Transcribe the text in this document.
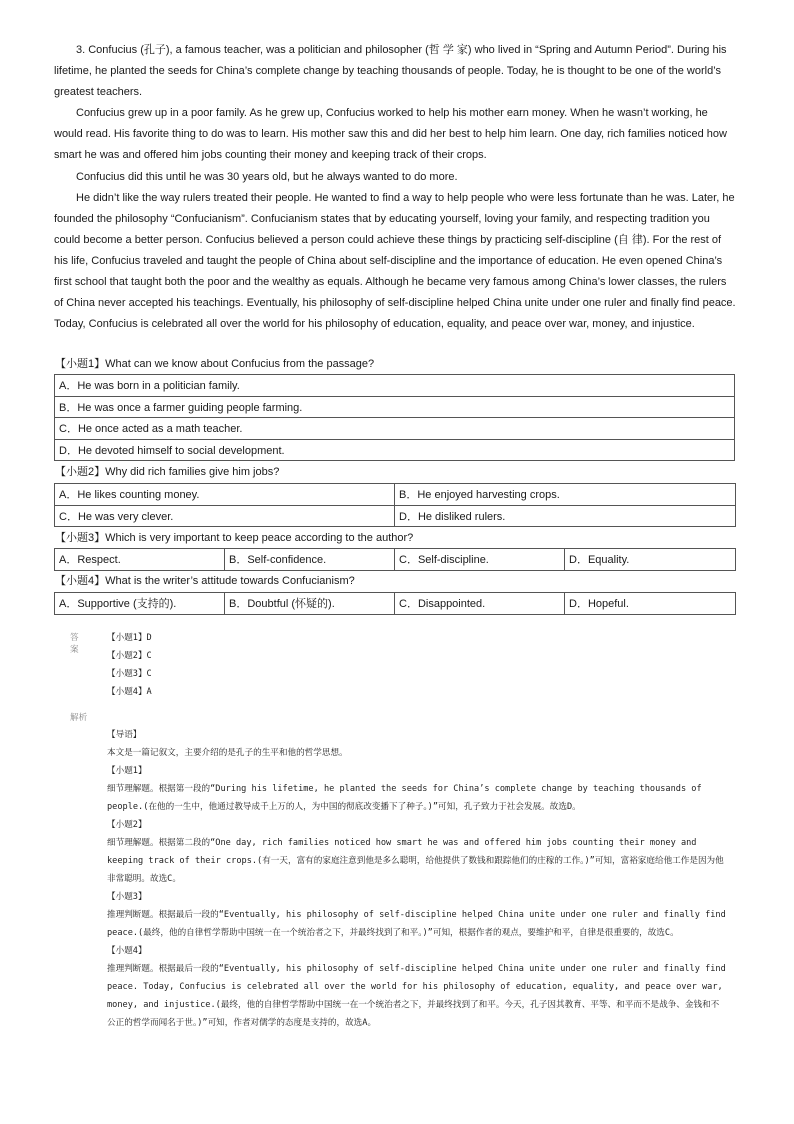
3. Confucius (孔子), a famous teacher, was a politician and philosopher (哲 学 家) who lived in “Spring and Autumn Period”. During his lifetime, he planted the seeds for China’s complete change by teaching thousands of people. Today, he is thought to be one of the world’s greatest teachers.

Confucius grew up in a poor family. As he grew up, Confucius worked to help his mother earn money. When he wasn’t working, he would read. His favorite thing to do was to learn. His mother saw this and did her best to help him learn. One day, rich families noticed how smart he was and offered him jobs counting their money and keeping track of their crops.

Confucius did this until he was 30 years old, but he always wanted to do more.

He didn’t like the way rulers treated their people. He wanted to find a way to help people who were less fortunate than he was. Later, he founded the philosophy “Confucianism”. Confucianism states that by educating yourself, loving your family, and respecting tradition you could become a better person. Confucius believed a person could achieve these things by practicing self-discipline (自 律). For the rest of his life, Confucius traveled and taught the people of China about self-discipline and the importance of education. He even opened China’s first school that taught both the poor and the wealthy as equals. Although he became very famous among China’s lower classes, the rulers of China never accepted his teachings. Eventually, his philosophy of self-discipline helped China unite under one ruler and finally find peace. Today, Confucius is celebrated all over the world for his philosophy of education, equality, and peace over war, money, and injustice.

【小题1】What can we know about Confucius from the passage?
A．He was born in a politician family.
B．He was once a farmer guiding people farming.
C．He once acted as a math teacher.
D．He devoted himself to social development.
【小题2】Why did rich families give him jobs?
A．He likes counting money.	B．He enjoyed harvesting crops.
C．He was very clever.	D．He disliked rulers.
【小题3】Which is very important to keep peace according to the author?
A．Respect.	B．Self-confidence.	C．Self-discipline.	D．Equality.
【小题4】What is the writer’s attitude towards Confucianism?
A．Supportive (支持的).	B．Doubtful (怀疑的).	C．Disappointed.	D．Hopeful.
答案
【小题1】D
【小题2】C
【小题3】C
【小题4】A
解析
【导语】
本文是一篇记叙文，主要介绍的是孔子的生平和他的哲学思想。
【小题1】
细节理解题。根据第一段的“During his lifetime, he planted the seeds for China’s complete change by teaching thousands of people.(在他的一生中，他通过教导成千上万的人，为中国的彻底改变播下了种子。)”可知，孔子致力于社会发展。故选D。
【小题2】
细节理解题。根据第二段的“One day, rich families noticed how smart he was and offered him jobs counting their money and keeping track of their crops.(有一天，富有的家庭注意到他是多么聪明，给他提供了数钱和跟踪他们的庄稼的工作。)”可知，富裕家庭给他工作是因为他非常聪明。故选C。
【小题3】
推理判断题。根据最后一段的“Eventually, his philosophy of self-discipline helped China unite under one ruler and finally find peace.(最终，他的自律哲学帮助中国统一在一个统治者之下，并最终找到了和平。)”可知，根据作者的观点，要维护和平，自律是很重要的，故选C。
【小题4】
推理判断题。根据最后一段的“Eventually, his philosophy of self-discipline helped China unite under one ruler and finally find peace. Today, Confucius is celebrated all over the world for his philosophy of education, equality, and peace over war, money, and injustice.(最终，他的自律哲学帮助中国统一在一个统治者之下，并最终找到了和平。今天，孔子因其教育、平等、和平而不是战争、金钱和不公正的哲学而闻名于世。)”可知，作者对儒学的态度是支持的，故选A。
